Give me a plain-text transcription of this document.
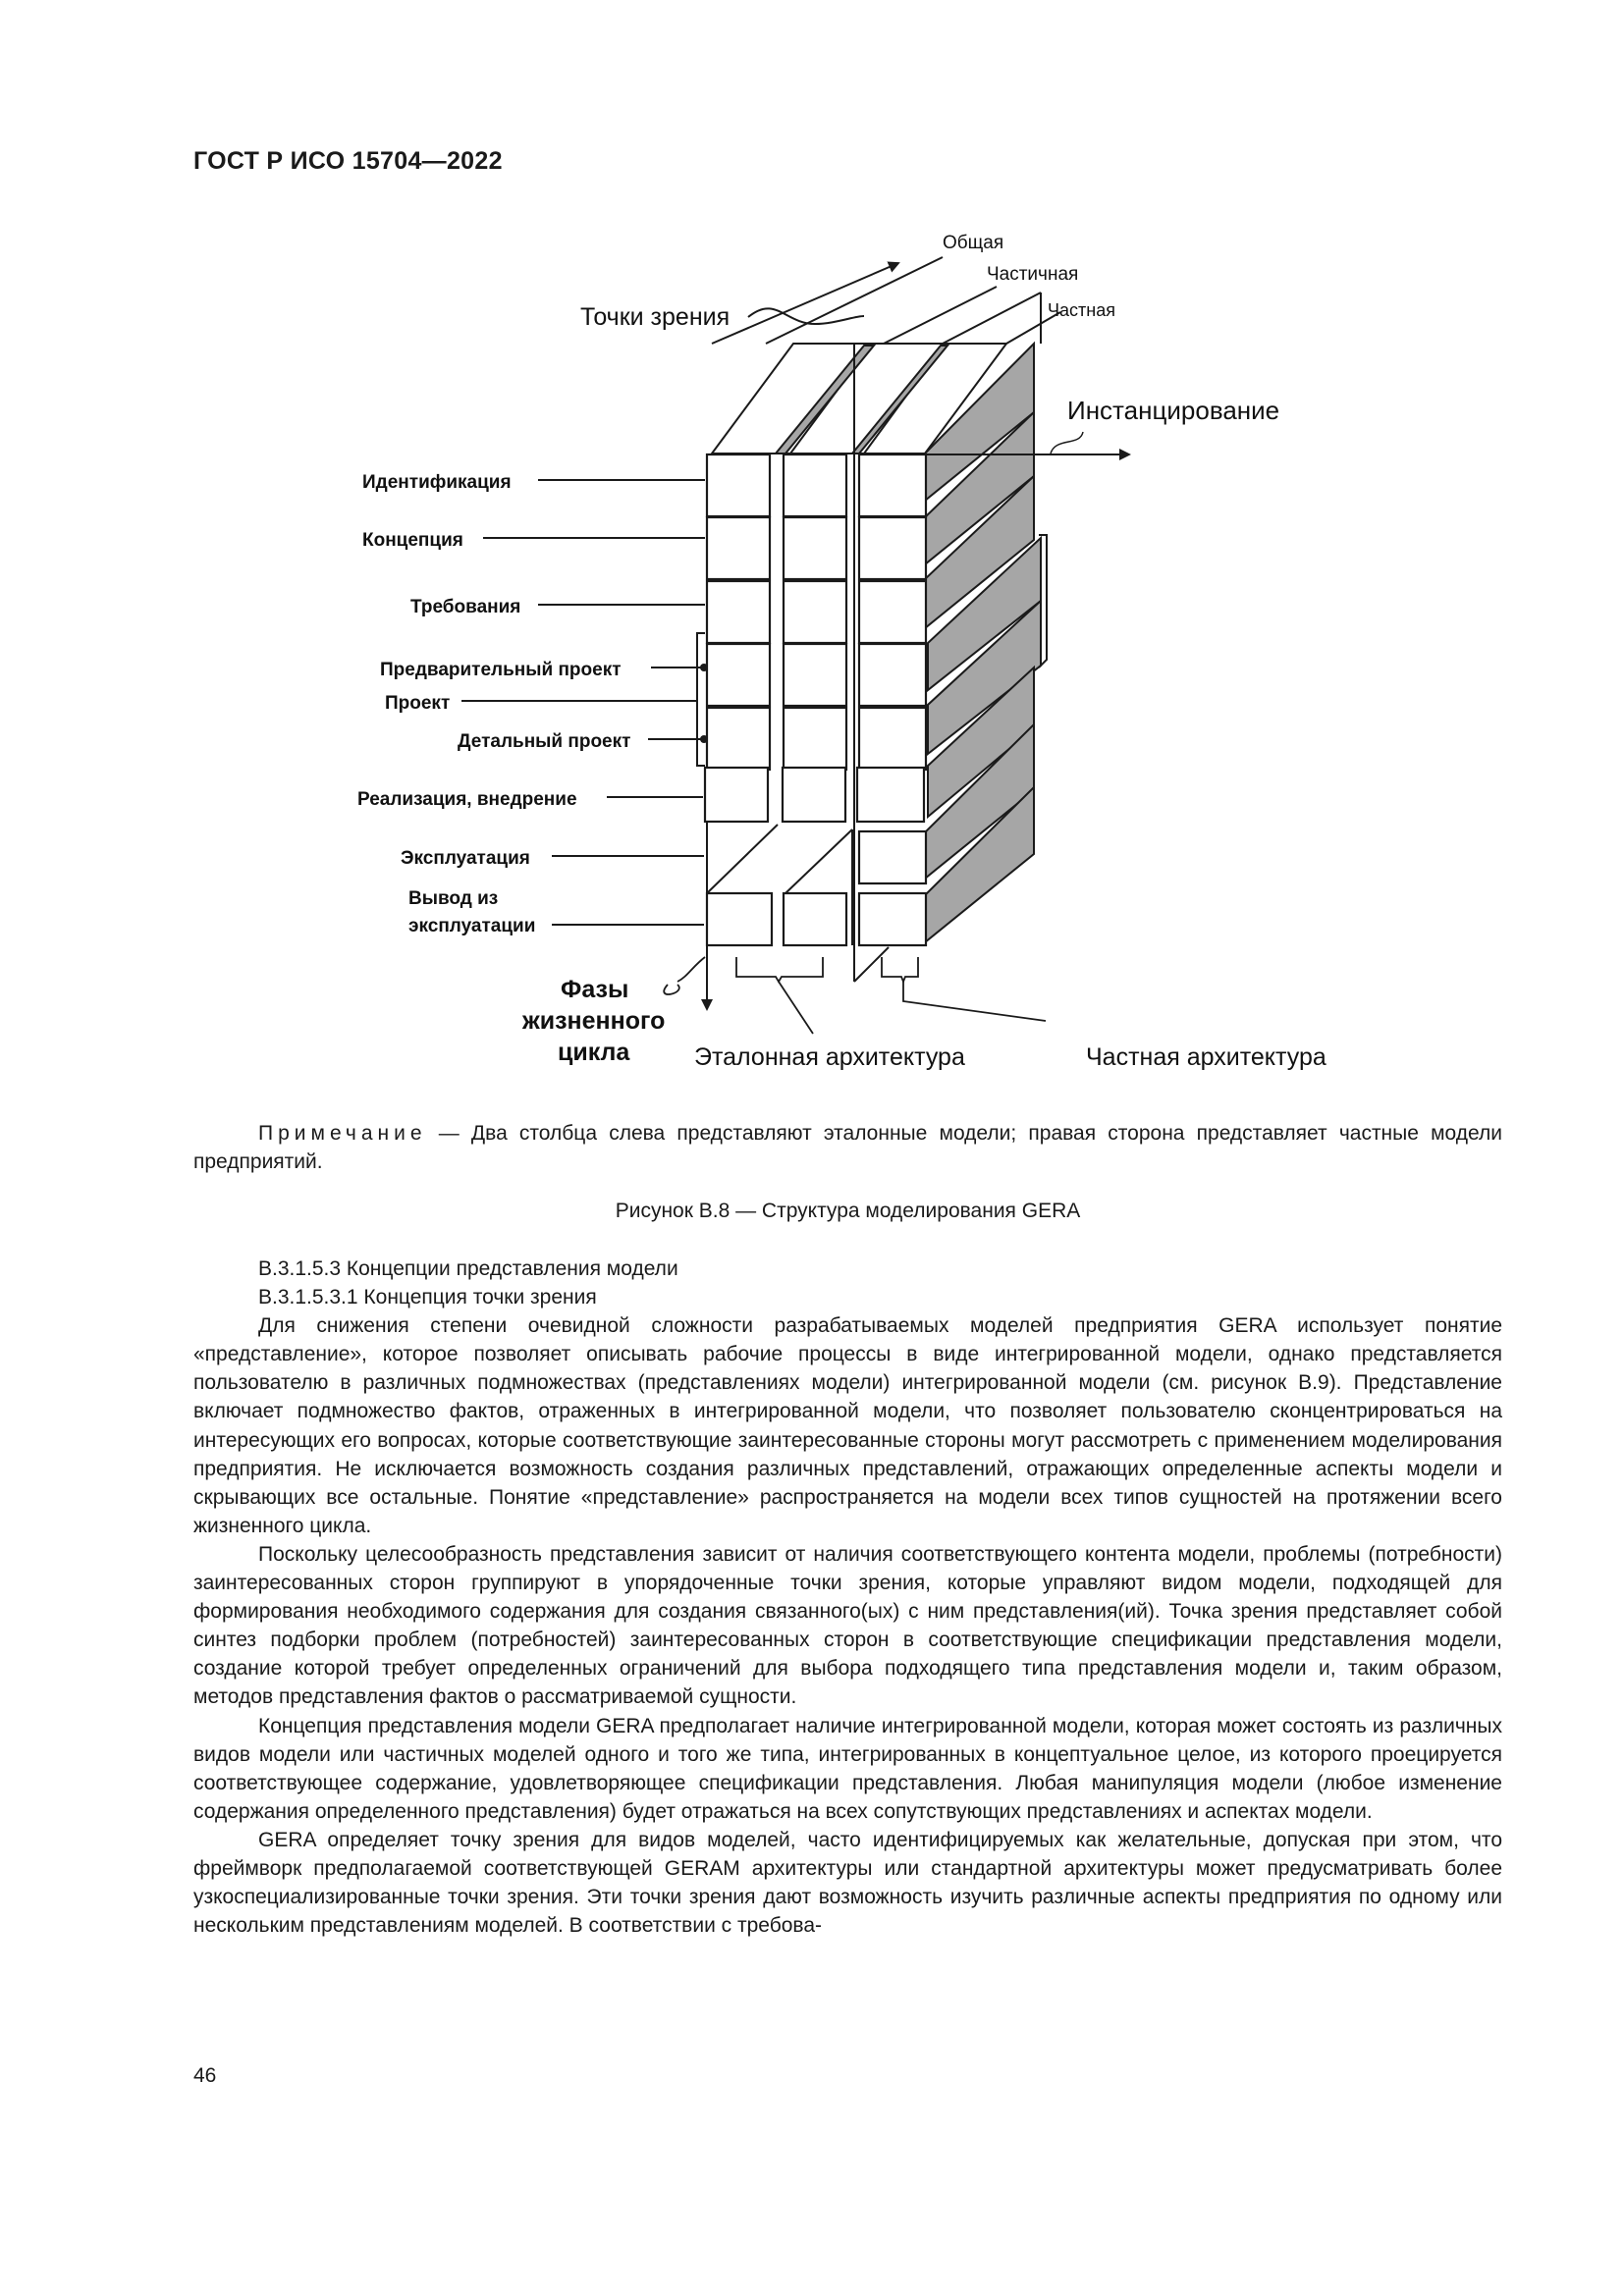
ГОСТ Р ИСО 15704—2022
Точки зрения
Общая
Частичная
Частная
Инстанцирование
Идентификация
Концепция
Требования
Предварительный проект
Проект
Детальный проект
Реализация, внедрение
Эксплуатация
Вывод из
эксплуатации
Фазы
жизненного
цикла	Эталонная архитектура	Частная архитектура
Примечание — Два столбца слева представляют эталонные модели; правая сторона представляет частные модели предприятий.
Рисунок В.8 — Структура моделирования GERA

В.3.1.5.3 Концепции представления модели

В.3.1.5.3.1 Концепция точки зрения

Для снижения степени очевидной сложности разрабатываемых моделей предприятия GERA использует понятие «представление», которое позволяет описывать рабочие процессы в виде интегрированной модели, однако представляется пользователю в различных подмножествах (представлениях модели) интегрированной модели (см. рисунок В.9). Представление включает подмножество фактов, отраженных в интегрированной модели, что позволяет пользователю сконцентрироваться на интересующих его вопросах, которые соответствующие заинтересованные стороны могут рассмотреть с применением моделирования предприятия. Не исключается возможность создания различных представлений, отражающих определенные аспекты модели и скрывающих все остальные. Понятие «представление» распространяется на модели всех типов сущностей на протяжении всего жизненного цикла.

Поскольку целесообразность представления зависит от наличия соответствующего контента модели, проблемы (потребности) заинтересованных сторон группируют в упорядоченные точки зрения, которые управляют видом модели, подходящей для формирования необходимого содержания для создания связанного(ых) с ним представления(ий). Точка зрения представляет собой синтез подборки проблем (потребностей) заинтересованных сторон в соответствующие спецификации представления модели, создание которой требует определенных ограничений для выбора подходящего типа представления модели и, таким образом, методов представления фактов о рассматриваемой сущности.

Концепция представления модели GERA предполагает наличие интегрированной модели, которая может состоять из различных видов модели или частичных моделей одного и того же типа, интегрированных в концептуальное целое, из которого проецируется соответствующее содержание, удовлетворяющее спецификации представления. Любая манипуляция модели (любое изменение содержания определенного представления) будет отражаться на всех сопутствующих представлениях и аспектах модели.

GERA определяет точку зрения для видов моделей, часто идентифицируемых как желательные, допуская при этом, что фреймворк предполагаемой соответствующей GERAM архитектуры или стандартной архитектуры может предусматривать более узкоспециализированные точки зрения. Эти точки зрения дают возможность изучить различные аспекты предприятия по одному или нескольким представлениям моделей. В соответствии с требова-

46
